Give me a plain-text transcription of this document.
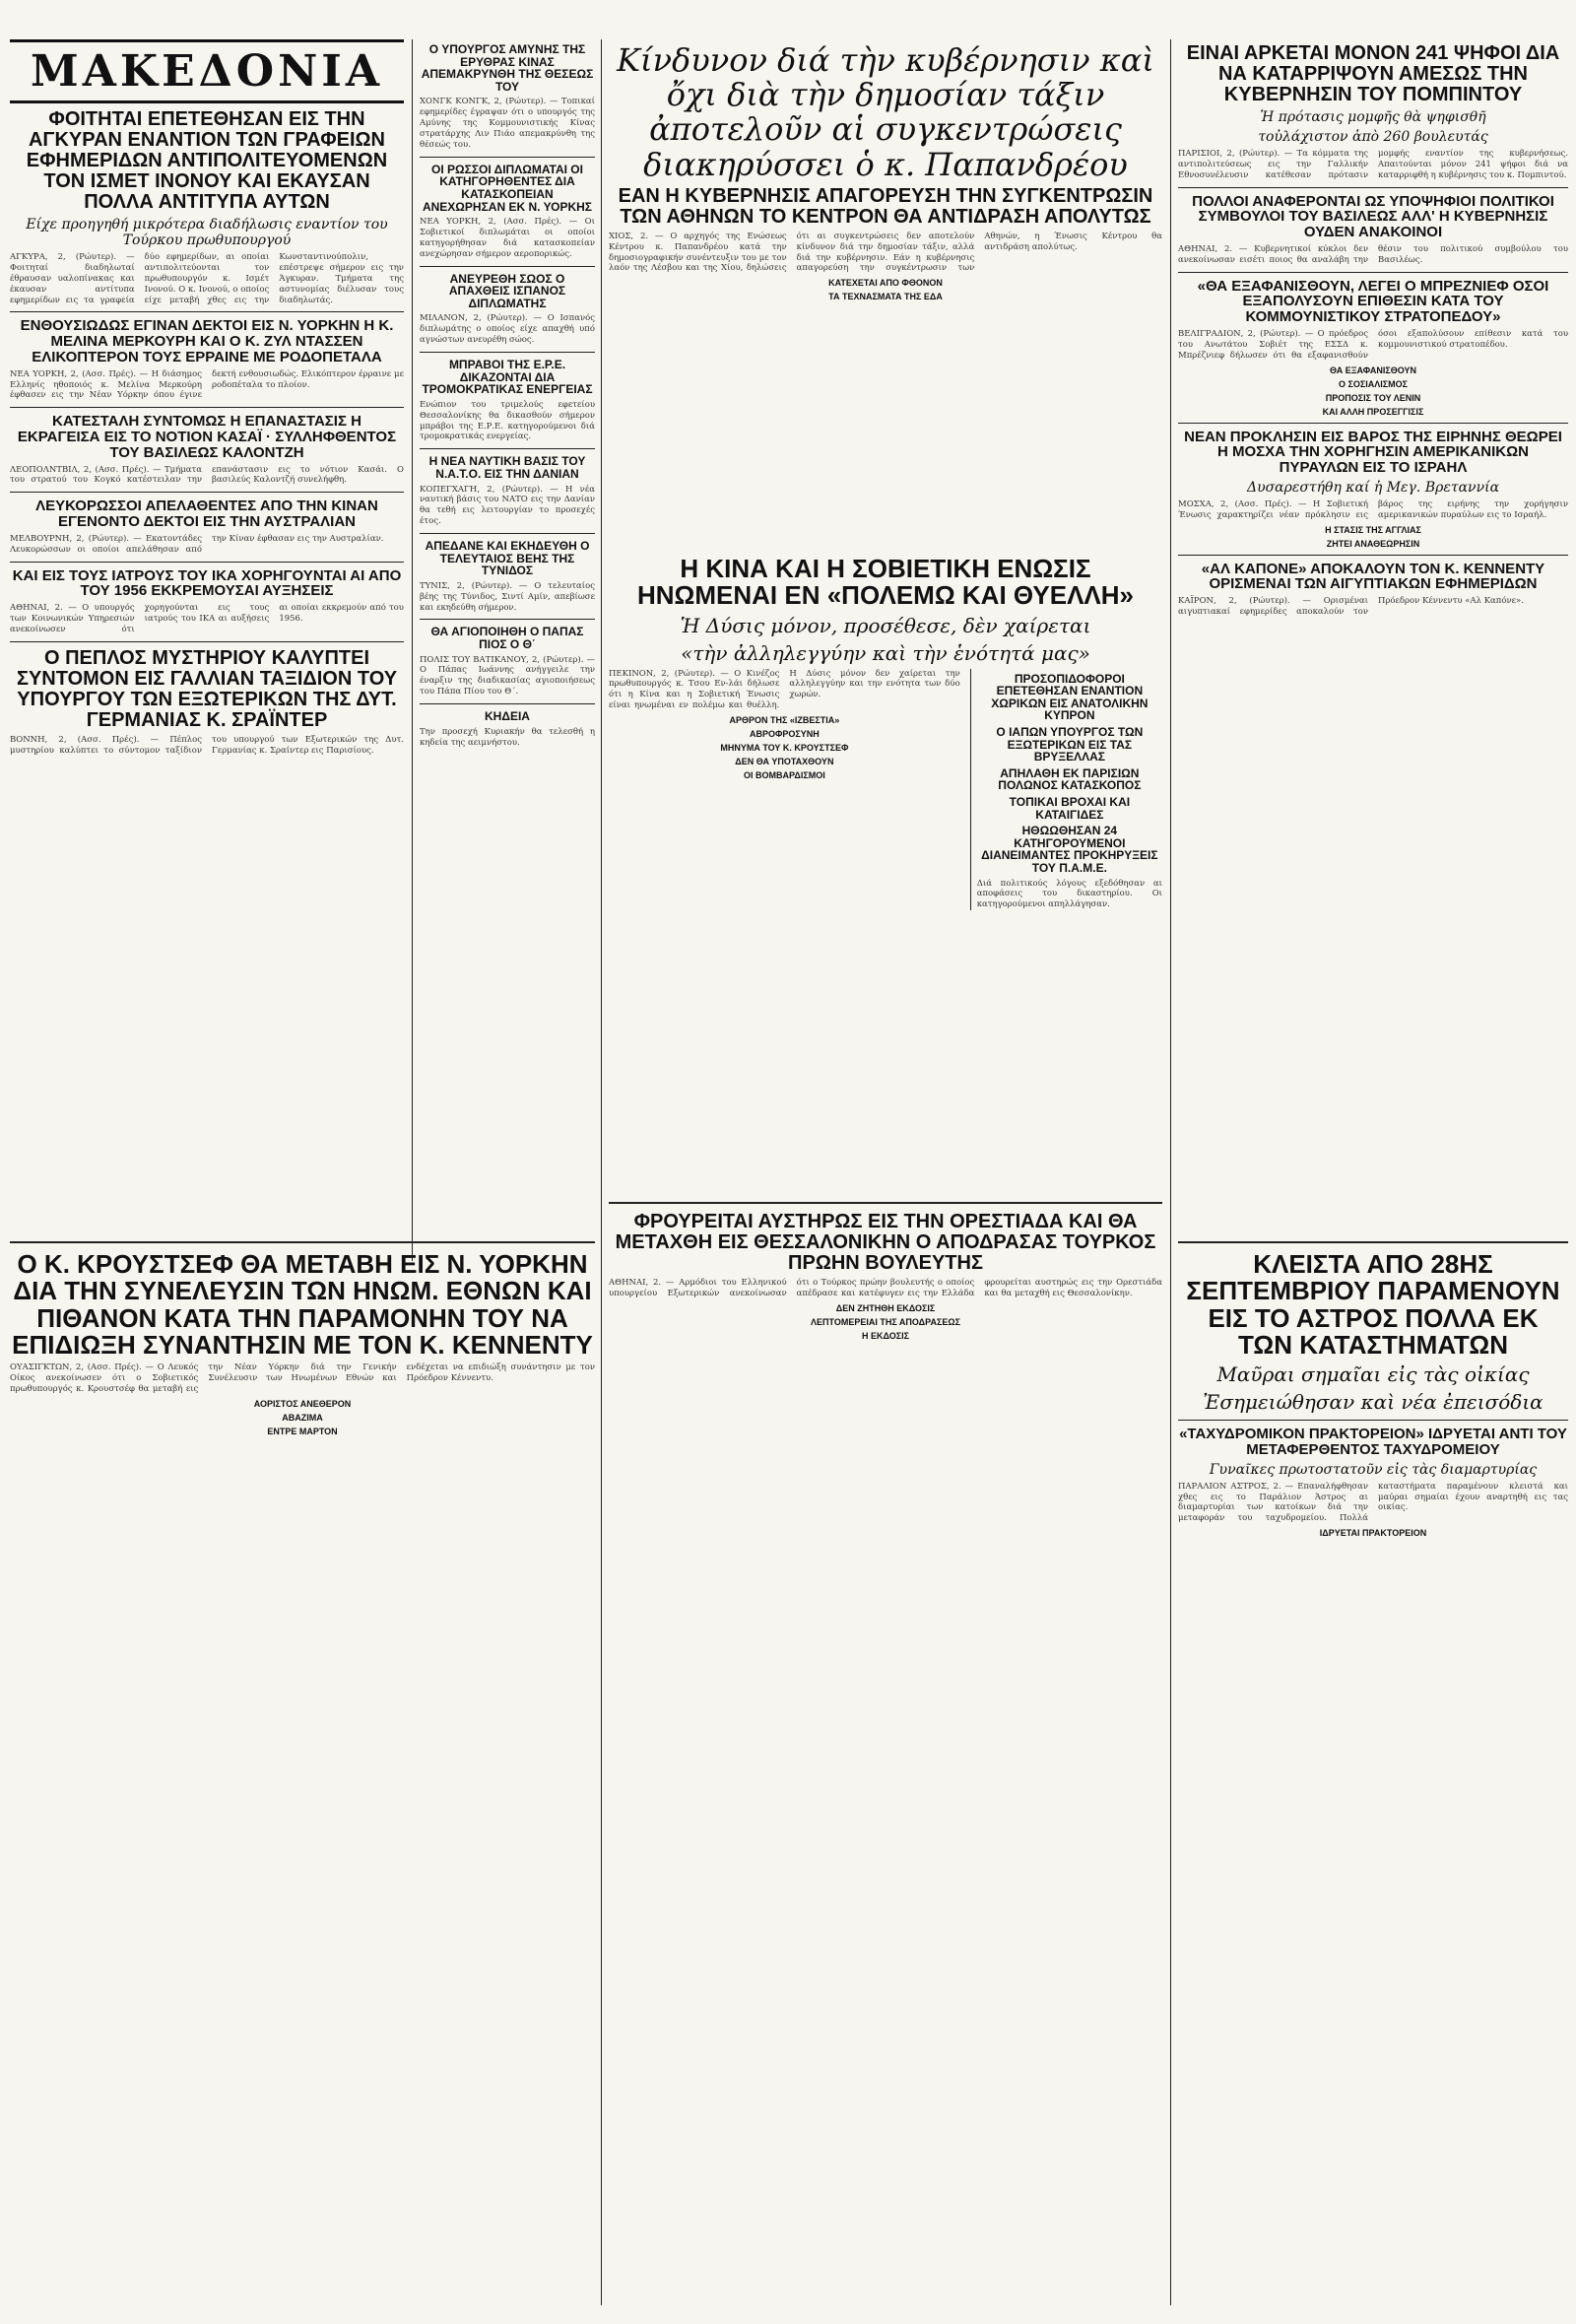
ΜΑΚΕΔΟΝΙΑ
ΦΟΙΤΗΤΑΙ ΕΠΕΤΕΘΗΣΑΝ ΕΙΣ ΤΗΝ ΑΓΚΥΡΑΝ ΕΝΑΝΤΙΟΝ ΤΩΝ ΓΡΑΦΕΙΩΝ ΕΦΗΜΕΡΙΔΩΝ ΑΝΤΙΠΟΛΙΤΕΥΟΜΕΝΩΝ ΤΟΝ ΙΣΜΕΤ ΙΝΟΝΟΥ ΚΑΙ ΕΚΑΥΣΑΝ ΠΟΛΛΑ ΑΝΤΙΤΥΠΑ ΑΥΤΩΝ
Είχε προηγηθή μικρότερα διαδήλωσις εναντίον του Τούρκου πρωθυπουργού
ΑΓΚΥΡΑ, 2, (Ρώυτερ). — Φοιτηταί διαδηλωταί έθραυσαν υαλοπίνακας και έκαυσαν αντίτυπα εφημερίδων εις τα γραφεία δύο εφημερίδων, αι οποίαι αντιπολιτεύονται τον πρωθυπουργόν κ. Ισμέτ Ινονού. Ο κ. Ινονού, ο οποίος είχε μεταβή χθες εις την Κωνσταντινούπολιν, επέστρεψε σήμερον εις την Άγκυραν. Τμήματα της αστυνομίας διέλυσαν τους διαδηλωτάς.
ΕΝΘΟΥΣΙΩΔΩΣ ΕΓΙΝΑΝ ΔΕΚΤΟΙ ΕΙΣ Ν. ΥΟΡΚΗΝ Η Κ. ΜΕΛΙΝΑ ΜΕΡΚΟΥΡΗ ΚΑΙ Ο Κ. ΖΥΛ ΝΤΑΣΣΕΝ ΕΛΙΚΟΠΤΕΡΟΝ ΤΟΥΣ ΕΡΡΑΙΝΕ ΜΕ ΡΟΔΟΠΕΤΑΛΑ
ΝΕΑ ΥΟΡΚΗ, 2, (Ασσ. Πρές). — Η διάσημος Ελληνίς ηθοποιός κ. Μελίνα Μερκούρη έφθασεν εις την Νέαν Υόρκην όπου έγινε δεκτή ενθουσιωδώς. Ελικόπτερον έρραινε με ροδοπέταλα το πλοίον.
ΚΑΤΕΣΤΑΛΗ ΣΥΝΤΟΜΩΣ Η ΕΠΑΝΑΣΤΑΣΙΣ Η ΕΚΡΑΓΕΙΣΑ ΕΙΣ ΤΟ ΝΟΤΙΟΝ ΚΑΣΑΪ · ΣΥΛΛΗΦΘΕΝΤΟΣ ΤΟΥ ΒΑΣΙΛΕΩΣ ΚΑΛΟΝΤΖΗ
ΛΕΟΠΟΛΝΤΒΙΛ, 2, (Ασσ. Πρές). — Τμήματα του στρατού του Κογκό κατέστειλαν την επανάστασιν εις το νότιον Κασάι. Ο βασιλεύς Καλοντζή συνελήφθη.
ΛΕΥΚΟΡΩΣΣΟΙ ΑΠΕΛΑΘΕΝΤΕΣ ΑΠΟ ΤΗΝ ΚΙΝΑΝ ΕΓΕΝΟΝΤΟ ΔΕΚΤΟΙ ΕΙΣ ΤΗΝ ΑΥΣΤΡΑΛΙΑΝ
ΜΕΛΒΟΥΡΝΗ, 2, (Ρώυτερ). — Εκατοντάδες Λευκορώσσων οι οποίοι απελάθησαν από την Κίναν έφθασαν εις την Αυστραλίαν.
ΚΑΙ ΕΙΣ ΤΟΥΣ ΙΑΤΡΟΥΣ ΤΟΥ ΙΚΑ ΧΟΡΗΓΟΥΝΤΑΙ ΑΙ ΑΠΟ ΤΟΥ 1956 ΕΚΚΡΕΜΟΥΣΑΙ ΑΥΞΗΣΕΙΣ
ΑΘΗΝΑΙ, 2. — Ο υπουργός των Κοινωνικών Υπηρεσιών ανεκοίνωσεν ότι χορηγούνται εις τους ιατρούς του ΙΚΑ αι αυξήσεις αι οποίαι εκκρεμούν από του 1956.
Ο ΠΕΠΛΟΣ ΜΥΣΤΗΡΙΟΥ ΚΑΛΥΠΤΕΙ ΣΥΝΤΟΜΟΝ ΕΙΣ ΓΑΛΛΙΑΝ ΤΑΞΙΔΙΟΝ ΤΟΥ ΥΠΟΥΡΓΟΥ ΤΩΝ ΕΞΩΤΕΡΙΚΩΝ ΤΗΣ ΔΥΤ. ΓΕΡΜΑΝΙΑΣ Κ. ΣΡΑΪΝΤΕΡ
ΒΟΝΝΗ, 2, (Ασσ. Πρές). — Πέπλος μυστηρίου καλύπτει το σύντομον ταξίδιον του υπουργού των Εξωτερικών της Δυτ. Γερμανίας κ. Σραίντερ εις Παρισίους.
Ο ΥΠΟΥΡΓΟΣ ΑΜΥΝΗΣ ΤΗΣ ΕΡΥΘΡΑΣ ΚΙΝΑΣ ΑΠΕΜΑΚΡΥΝΘΗ ΤΗΣ ΘΕΣΕΩΣ ΤΟΥ
ΧΟΝΓΚ ΚΟΝΓΚ, 2, (Ρώυτερ). — Τοπικαί εφημερίδες έγραψαν ότι ο υπουργός της Αμύνης της Κομμουνιστικής Κίνας στρατάρχης Λιν Πιάο απεμακρύνθη της θέσεώς του.
ΟΙ ΡΩΣΣΟΙ ΔΙΠΛΩΜΑΤΑΙ ΟΙ ΚΑΤΗΓΟΡΗΘΕΝΤΕΣ ΔΙΑ ΚΑΤΑΣΚΟΠΕΙΑΝ ΑΝΕΧΩΡΗΣΑΝ ΕΚ Ν. ΥΟΡΚΗΣ
ΝΕΑ ΥΟΡΚΗ, 2, (Ασσ. Πρές). — Οι Σοβιετικοί διπλωμάται οι οποίοι κατηγορήθησαν διά κατασκοπείαν ανεχώρησαν σήμερον αεροπορικώς.
ΑΝΕΥΡΕΘΗ ΣΩΟΣ Ο ΑΠΑΧΘΕΙΣ ΙΣΠΑΝΟΣ ΔΙΠΛΩΜΑΤΗΣ
ΜΙΛΑΝΟΝ, 2, (Ρώυτερ). — Ο Ισπανός διπλωμάτης ο οποίος είχε απαχθή υπό αγνώστων ανευρέθη σώος.
ΜΠΡΑΒΟΙ ΤΗΣ Ε.Ρ.Ε. ΔΙΚΑΖΟΝΤΑΙ ΔΙΑ ΤΡΟΜΟΚΡΑΤΙΚΑΣ ΕΝΕΡΓΕΙΑΣ
Ενώπιον του τριμελούς εφετείου Θεσσαλονίκης θα δικασθούν σήμερον μπράβοι της Ε.Ρ.Ε. κατηγορούμενοι διά τρομοκρατικάς ενεργείας.
Η ΝΕΑ ΝΑΥΤΙΚΗ ΒΑΣΙΣ ΤΟΥ Ν.Α.Τ.Ο. ΕΙΣ ΤΗΝ ΔΑΝΙΑΝ
ΚΟΠΕΓΧΑΓΗ, 2, (Ρώυτερ). — Η νέα ναυτική βάσις του ΝΑΤΟ εις την Δανίαν θα τεθή εις λειτουργίαν το προσεχές έτος.
ΑΠΕΔΑΝΕ ΚΑΙ ΕΚΗΔΕΥΘΗ Ο ΤΕΛΕΥΤΑΙΟΣ ΒΕΗΣ ΤΗΣ ΤΥΝΙΔΟΣ
ΤΥΝΙΣ, 2, (Ρώυτερ). — Ο τελευταίος βέης της Τύνιδος, Σιντί Αμίν, απεβίωσε και εκηδεύθη σήμερον.
ΘΑ ΑΓΙΟΠΟΙΗΘΗ Ο ΠΑΠΑΣ ΠΙΟΣ Ο Θ΄
ΠΟΛΙΣ ΤΟΥ ΒΑΤΙΚΑΝΟΥ, 2, (Ρώυτερ). — Ο Πάπας Ιωάννης ανήγγειλε την έναρξιν της διαδικασίας αγιοποιήσεως του Πάπα Πίου του Θ΄.
ΚΗΔΕΙΑ
Την προσεχή Κυριακήν θα τελεσθή η κηδεία της αειμνήστου.
Κίνδυνον διά τὴν κυβέρνησιν καὶ ὄχι διὰ τὴν δημοσίαν τάξιν ἀποτελοῦν αἱ συγκεντρώσεις διακηρύσσει ὁ κ. Παπανδρέου
ΕΑΝ Η ΚΥΒΕΡΝΗΣΙΣ ΑΠΑΓΟΡΕΥΣΗ ΤΗΝ ΣΥΓΚΕΝΤΡΩΣΙΝ ΤΩΝ ΑΘΗΝΩΝ ΤΟ ΚΕΝΤΡΟΝ ΘΑ ΑΝΤΙΔΡΑΣΗ ΑΠΟΛΥΤΩΣ
ΧΙΟΣ, 2. — Ο αρχηγός της Ενώσεως Κέντρου κ. Παπανδρέου κατά την δημοσιογραφικήν συνέντευξιν του με τον λαόν της Λέσβου και της Χίου, δηλώσεις ότι αι συγκεντρώσεις δεν αποτελούν κίνδυνον διά την δημοσίαν τάξιν, αλλά διά την κυβέρνησιν. Εάν η κυβέρνησις απαγορεύση την συγκέντρωσιν των Αθηνών, η Ένωσις Κέντρου θα αντιδράση απολύτως.
ΚΑΤΕΧΕΤΑΙ ΑΠΟ ΦΘΟΝΟΝ
ΤΑ ΤΕΧΝΑΣΜΑΤΑ ΤΗΣ ΕΔΑ
Η ΚΙΝΑ ΚΑΙ Η ΣΟΒΙΕΤΙΚΗ ΕΝΩΣΙΣ ΗΝΩΜΕΝΑΙ ΕΝ «ΠΟΛΕΜΩ ΚΑΙ ΘΥΕΛΛΗ»
Ἡ Δύσις μόνον, προσέθεσε, δὲν χαίρεται
«τὴν ἀλληλεγγύην καὶ τὴν ἑνότητά μας»
ΠΕΚΙΝΟΝ, 2, (Ρώυτερ). — Ο Κινέζος πρωθυπουργός κ. Τσου Εν-λάι δήλωσε ότι η Κίνα και η Σοβιετική Ένωσις είναι ηνωμέναι εν πολέμω και θυέλλη. Η Δύσις μόνον δεν χαίρεται την αλληλεγγύην και την ενότητα των δύο χωρών.
ΑΡΘΡΟΝ ΤΗΣ «ΙΖΒΕΣΤΙΑ»
ΑΒΡΟΦΡΟΣΥΝΗ
ΜΗΝΥΜΑ ΤΟΥ Κ. ΚΡΟΥΣΤΣΕΦ
ΔΕΝ ΘΑ ΥΠΟΤΑΧΘΟΥΝ
ΟΙ ΒΟΜΒΑΡΔΙΣΜΟΙ
ΠΡΟΣΟΠΙΔΟΦΟΡΟΙ ΕΠΕΤΕΘΗΣΑΝ ΕΝΑΝΤΙΟΝ ΧΩΡΙΚΩΝ ΕΙΣ ΑΝΑΤΟΛΙΚΗΝ ΚΥΠΡΟΝ
Ο ΙΑΠΩΝ ΥΠΟΥΡΓΟΣ ΤΩΝ ΕΞΩΤΕΡΙΚΩΝ ΕΙΣ ΤΑΣ ΒΡΥΞΕΛΛΑΣ
ΑΠΗΛΑΘΗ ΕΚ ΠΑΡΙΣΙΩΝ ΠΟΛΩΝΟΣ ΚΑΤΑΣΚΟΠΟΣ
ΤΟΠΙΚΑΙ ΒΡΟΧΑΙ ΚΑΙ ΚΑΤΑΙΓΙΔΕΣ
ΗΘΩΩΘΗΣΑΝ 24 ΚΑΤΗΓΟΡΟΥΜΕΝΟΙ ΔΙΑΝΕΙΜΑΝΤΕΣ ΠΡΟΚΗΡΥΞΕΙΣ ΤΟΥ Π.Α.Μ.Ε.
Διά πολιτικούς λόγους εξεδόθησαν αι αποφάσεις του δικαστηρίου. Οι κατηγορούμενοι απηλλάγησαν.
ΕΙΝΑΙ ΑΡΚΕΤΑΙ ΜΟΝΟΝ 241 ΨΗΦΟΙ ΔΙΑ ΝΑ ΚΑΤΑΡΡΙΨΟΥΝ ΑΜΕΣΩΣ ΤΗΝ ΚΥΒΕΡΝΗΣΙΝ ΤΟΥ ΠΟΜΠΙΝΤΟΥ
Ἡ πρότασις μομφῆς θὰ ψηφισθῆ
τοὐλάχιστον ἀπὸ 260 βουλευτάς
ΠΑΡΙΣΙΟΙ, 2, (Ρώυτερ). — Τα κόμματα της αντιπολιτεύσεως εις την Γαλλικήν Εθνοσυνέλευσιν κατέθεσαν πρότασιν μομφής εναντίον της κυβερνήσεως. Απαιτούνται μόνον 241 ψήφοι διά να καταρριφθή η κυβέρνησις του κ. Πομπιντού.
ΠΟΛΛΟΙ ΑΝΑΦΕΡΟΝΤΑΙ ΩΣ ΥΠΟΨΗΦΙΟΙ ΠΟΛΙΤΙΚΟΙ ΣΥΜΒΟΥΛΟΙ ΤΟΥ ΒΑΣΙΛΕΩΣ ΑΛΛ' Η ΚΥΒΕΡΝΗΣΙΣ ΟΥΔΕΝ ΑΝΑΚΟΙΝΟΙ
ΑΘΗΝΑΙ, 2. — Κυβερνητικοί κύκλοι δεν ανεκοίνωσαν εισέτι ποιος θα αναλάβη την θέσιν του πολιτικού συμβούλου του Βασιλέως.
«ΘΑ ΕΞΑΦΑΝΙΣΘΟΥΝ, ΛΕΓΕΙ Ο ΜΠΡΕΖΝΙΕΦ ΟΣΟΙ ΕΞΑΠΟΛΥΣΟΥΝ ΕΠΙΘΕΣΙΝ ΚΑΤΑ ΤΟΥ ΚΟΜΜΟΥΝΙΣΤΙΚΟΥ ΣΤΡΑΤΟΠΕΔΟΥ»
ΒΕΛΙΓΡΑΔΙΟΝ, 2, (Ρώυτερ). — Ο πρόεδρος του Ανωτάτου Σοβιέτ της ΕΣΣΔ κ. Μπρέζνιεφ δήλωσεν ότι θα εξαφανισθούν όσοι εξαπολύσουν επίθεσιν κατά του κομμουνιστικού στρατοπέδου.
ΘΑ ΕΞΑΦΑΝΙΣΘΟΥΝ
Ο ΣΟΣΙΑΛΙΣΜΟΣ
ΠΡΟΠΟΣΙΣ ΤΟΥ ΛΕΝΙΝ
ΚΑΙ ΑΛΛΗ ΠΡΟΣΕΓΓΙΣΙΣ
ΝΕΑΝ ΠΡΟΚΛΗΣΙΝ ΕΙΣ ΒΑΡΟΣ ΤΗΣ ΕΙΡΗΝΗΣ ΘΕΩΡΕΙ Η ΜΟΣΧΑ ΤΗΝ ΧΟΡΗΓΗΣΙΝ ΑΜΕΡΙΚΑΝΙΚΩΝ ΠΥΡΑΥΛΩΝ ΕΙΣ ΤΟ ΙΣΡΑΗΛ
Δυσαρεστήθη καί ἡ Μεγ. Βρεταννία
ΜΟΣΧΑ, 2, (Ασσ. Πρές). — Η Σοβιετική Ένωσις χαρακτηρίζει νέαν πρόκλησιν εις βάρος της ειρήνης την χορήγησιν αμερικανικών πυραύλων εις το Ισραήλ.
Η ΣΤΑΣΙΣ ΤΗΣ ΑΓΓΛΙΑΣ
ΖΗΤΕΙ ΑΝΑΘΕΩΡΗΣΙΝ
«ΑΛ ΚΑΠΟΝΕ» ΑΠΟΚΑΛΟΥΝ ΤΟΝ Κ. ΚΕΝΝΕΝΤΥ ΟΡΙΣΜΕΝΑΙ ΤΩΝ ΑΙΓΥΠΤΙΑΚΩΝ ΕΦΗΜΕΡΙΔΩΝ
ΚΑΪΡΟΝ, 2, (Ρώυτερ). — Ορισμέναι αιγυπτιακαί εφημερίδες αποκαλούν τον Πρόεδρον Κέννεντυ «Αλ Καπόνε».
Ο Κ. ΚΡΟΥΣΤΣΕΦ ΘΑ ΜΕΤΑΒΗ ΕΙΣ Ν. ΥΟΡΚΗΝ ΔΙΑ ΤΗΝ ΣΥΝΕΛΕΥΣΙΝ ΤΩΝ ΗΝΩΜ. ΕΘΝΩΝ ΚΑΙ ΠΙΘΑΝΟΝ ΚΑΤΑ ΤΗΝ ΠΑΡΑΜΟΝΗΝ ΤΟΥ ΝΑ ΕΠΙΔΙΩΞΗ ΣΥΝΑΝΤΗΣΙΝ ΜΕ ΤΟΝ Κ. ΚΕΝΝΕΝΤΥ
ΟΥΑΣΙΓΚΤΩΝ, 2, (Ασσ. Πρές). — Ο Λευκός Οίκος ανεκοίνωσεν ότι ο Σοβιετικός πρωθυπουργός κ. Κρουστσέφ θα μεταβή εις την Νέαν Υόρκην διά την Γενικήν Συνέλευσιν των Ηνωμένων Εθνών και ενδέχεται να επιδιώξη συνάντησιν με τον Πρόεδρον Κέννεντυ.
ΑΟΡΙΣΤΟΣ ΑΝΕΘΕΡΟΝ
ΑΒΑΖΙΜΑ
ΕΝΤΡΕ ΜΑΡΤΟΝ
ΦΡΟΥΡΕΙΤΑΙ ΑΥΣΤΗΡΩΣ ΕΙΣ ΤΗΝ ΟΡΕΣΤΙΑΔΑ ΚΑΙ ΘΑ ΜΕΤΑΧΘΗ ΕΙΣ ΘΕΣΣΑΛΟΝΙΚΗΝ Ο ΑΠΟΔΡΑΣΑΣ ΤΟΥΡΚΟΣ ΠΡΩΗΝ ΒΟΥΛΕΥΤΗΣ
ΑΘΗΝΑΙ, 2. — Αρμόδιοι του Ελληνικού υπουργείου Εξωτερικών ανεκοίνωσαν ότι ο Τούρκος πρώην βουλευτής ο οποίος απέδρασε και κατέφυγεν εις την Ελλάδα φρουρείται αυστηρώς εις την Ορεστιάδα και θα μεταχθή εις Θεσσαλονίκην.
ΔΕΝ ΖΗΤΗΘΗ ΕΚΔΟΣΙΣ
ΛΕΠΤΟΜΕΡΕΙΑΙ ΤΗΣ ΑΠΟΔΡΑΣΕΩΣ
Η ΕΚΔΟΣΙΣ
ΚΛΕΙΣΤΑ ΑΠΟ 28ΗΣ ΣΕΠΤΕΜΒΡΙΟΥ ΠΑΡΑΜΕΝΟΥΝ ΕΙΣ ΤΟ ΑΣΤΡΟΣ ΠΟΛΛΑ ΕΚ ΤΩΝ ΚΑΤΑΣΤΗΜΑΤΩΝ
Μαῦραι σημαῖαι εἰς τὰς οἰκίας
Ἐσημειώθησαν καὶ νέα ἐπεισόδια
«ΤΑΧΥΔΡΟΜΙΚΟΝ ΠΡΑΚΤΟΡΕΙΟΝ» ΙΔΡΥΕΤΑΙ ΑΝΤΙ ΤΟΥ ΜΕΤΑΦΕΡΘΕΝΤΟΣ ΤΑΧΥΔΡΟΜΕΙΟΥ
Γυναῖκες πρωτοστατοῦν εἰς τὰς διαμαρτυρίας
ΠΑΡΑΛΙΟΝ ΑΣΤΡΟΣ, 2. — Επαναλήφθησαν χθες εις το Παράλιον Άστρος αι διαμαρτυρίαι των κατοίκων διά την μεταφοράν του ταχυδρομείου. Πολλά καταστήματα παραμένουν κλειστά και μαύραι σημαίαι έχουν αναρτηθή εις τας οικίας.
ΙΔΡΥΕΤΑΙ ΠΡΑΚΤΟΡΕΙΟΝ
